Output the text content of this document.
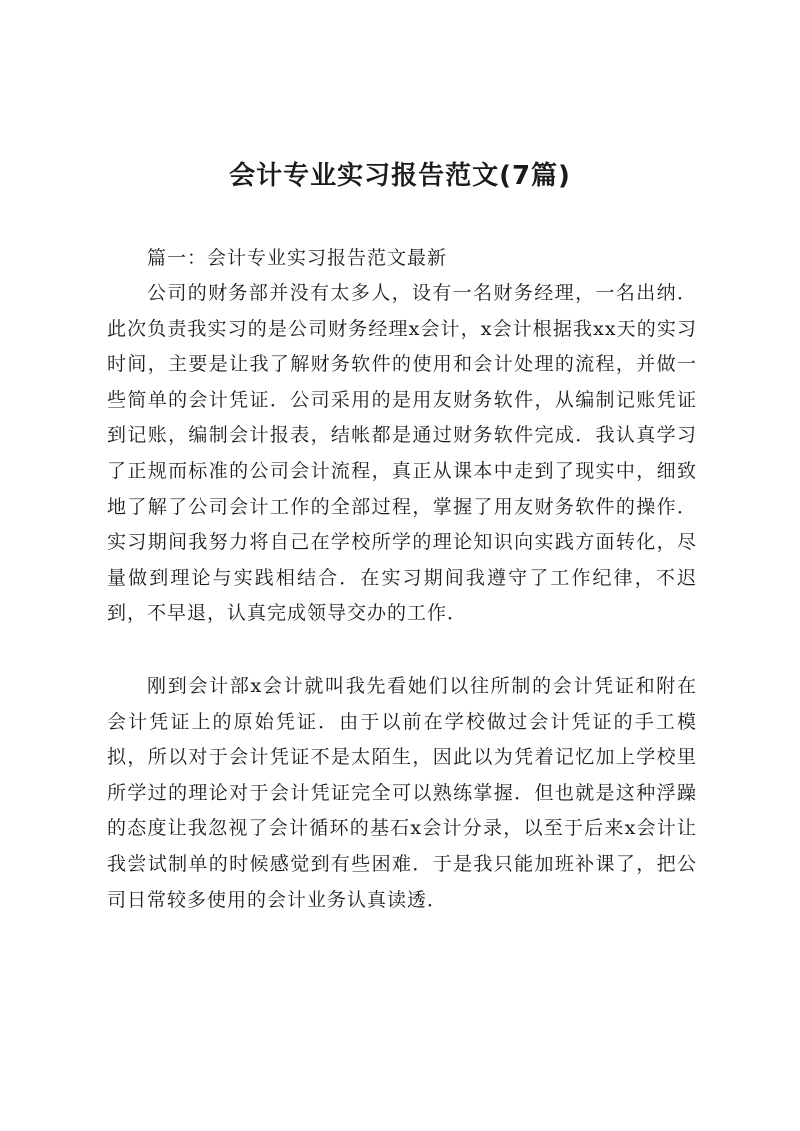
会计专业实习报告范文(7篇)

篇一：会计专业实习报告范文最新

公司的财务部并没有太多人，设有一名财务经理，一名出纳．此次负责我实习的是公司财务经理x会计，x会计根据我xx天的实习时间，主要是让我了解财务软件的使用和会计处理的流程，并做一些简单的会计凭证．公司采用的是用友财务软件，从编制记账凭证到记账，编制会计报表，结帐都是通过财务软件完成．我认真学习了正规而标准的公司会计流程，真正从课本中走到了现实中，细致地了解了公司会计工作的全部过程，掌握了用友财务软件的操作．实习期间我努力将自己在学校所学的理论知识向实践方面转化，尽量做到理论与实践相结合．在实习期间我遵守了工作纪律，不迟到，不早退，认真完成领导交办的工作．

刚到会计部x会计就叫我先看她们以往所制的会计凭证和附在会计凭证上的原始凭证．由于以前在学校做过会计凭证的手工模拟，所以对于会计凭证不是太陌生，因此以为凭着记忆加上学校里所学过的理论对于会计凭证完全可以熟练掌握．但也就是这种浮躁的态度让我忽视了会计循环的基石x会计分录，以至于后来x会计让我尝试制单的时候感觉到有些困难．于是我只能加班补课了，把公司日常较多使用的会计业务认真读透．
